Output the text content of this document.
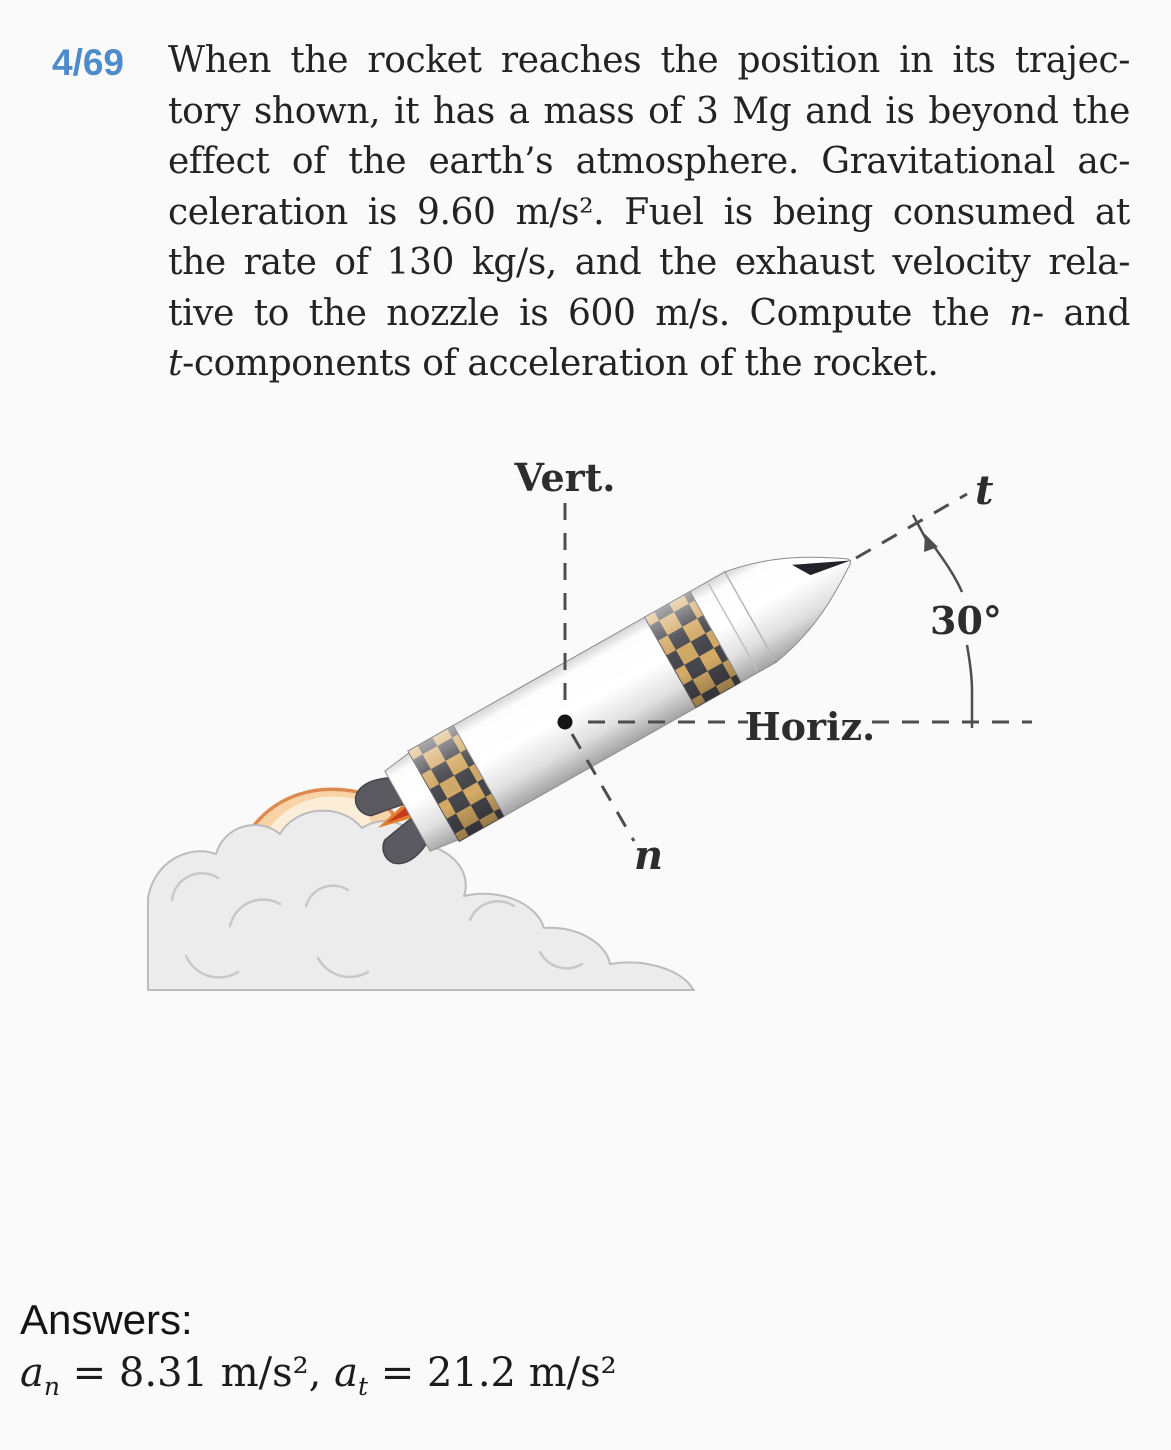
4/69 When the rocket reaches the position in its trajec-
tory shown, it has a mass of 3 Mg and is beyond the
effect of the earth’s atmosphere. Gravitational ac-
celeration is 9.60 m/s². Fuel is being consumed at
the rate of 130 kg/s, and the exhaust velocity rela-
tive to the nozzle is 600 m/s. Compute the n- and
t-components of acceleration of the rocket.
Vert.
Horiz.
t
n
30°
Answers:
$a_n = 8.31$ m/s², $a_t = 21.2$ m/s²
